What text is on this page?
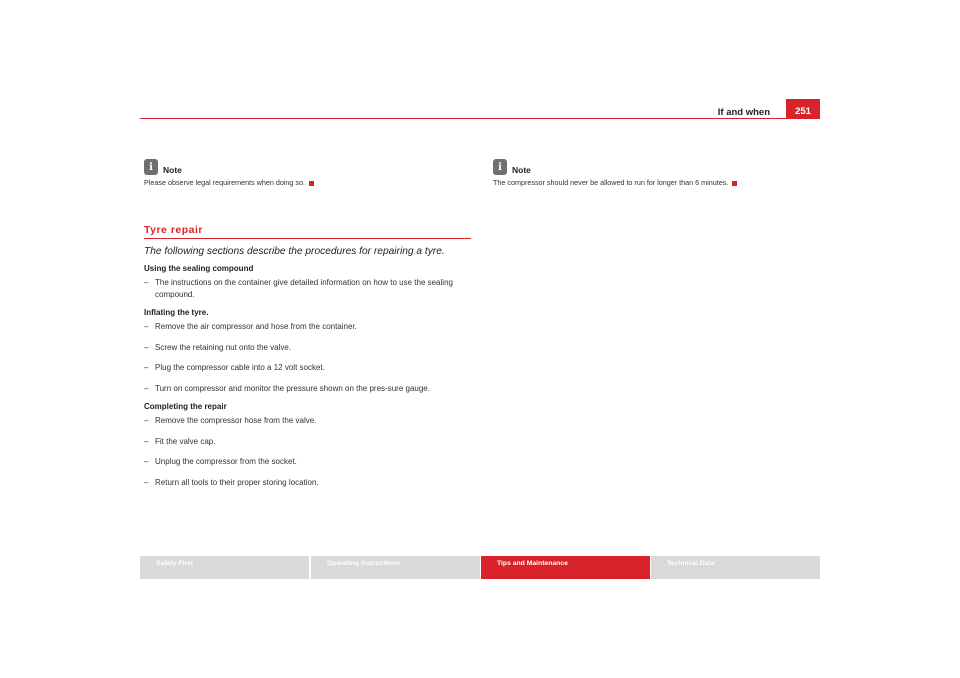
If and when	251
i	Note
Please observe legal requirements when doing so.
Tyre repair
The following sections describe the procedures for repairing a tyre.
Using the sealing compound
– The instructions on the container give detailed information on how to use the sealing compound.
Inflating the tyre.
– Remove the air compressor and hose from the container.
– Screw the retaining nut onto the valve.
– Plug the compressor cable into a 12 volt socket.
– Turn on compressor and monitor the pressure shown on the pres-sure gauge.
Completing the repair
– Remove the compressor hose from the valve.
– Fit the valve cap.
– Unplug the compressor from the socket.
– Return all tools to their proper storing location.
i	Note
The compressor should never be allowed to run for longer than 6 minutes.
Safety First	Operating instructions	Tips and Maintenance	Technical Data
